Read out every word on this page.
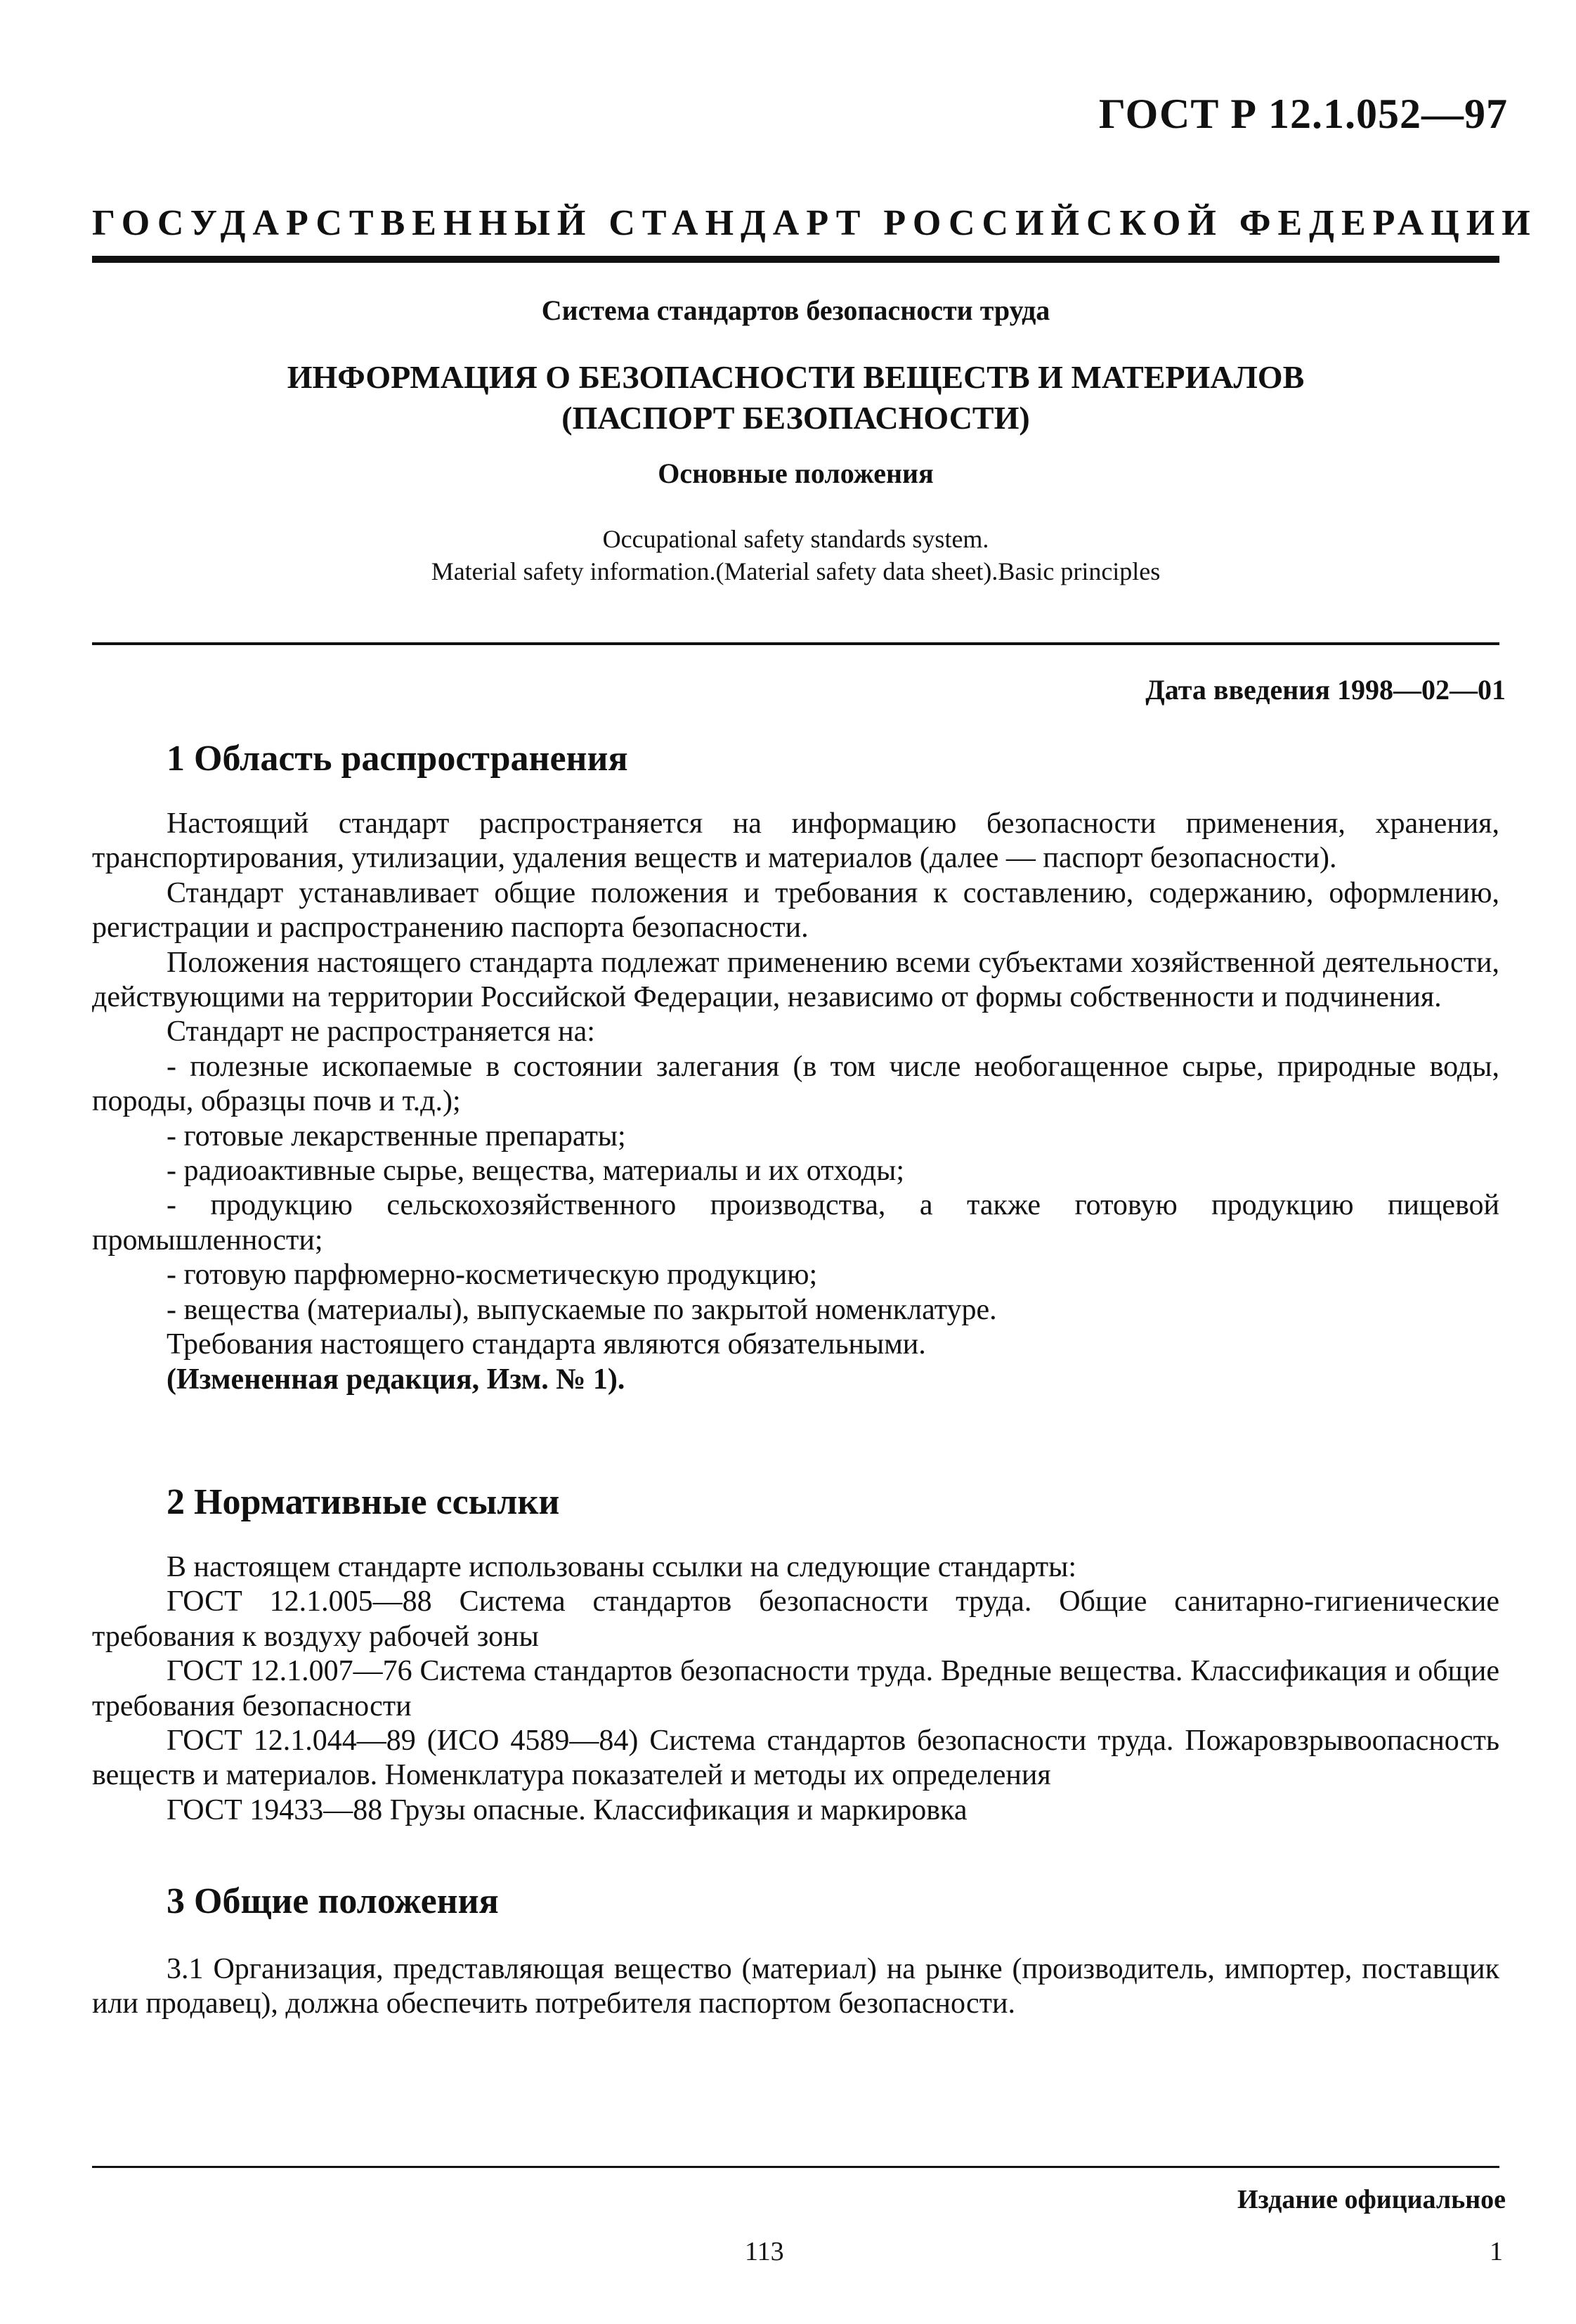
ГОСТ Р 12.1.052—97
ГОСУДАРСТВЕННЫЙ СТАНДАРТ РОССИЙСКОЙ ФЕДЕРАЦИИ
Система стандартов безопасности труда
ИНФОРМАЦИЯ О БЕЗОПАСНОСТИ ВЕЩЕСТВ И МАТЕРИАЛОВ
(ПАСПОРТ БЕЗОПАСНОСТИ)
Основные положения
Occupational safety standards system.
Material safety information.(Material safety data sheet).Basic principles
Дата введения 1998—02—01
1 Область распространения

Настоящий стандарт распространяется на информацию безопасности применения, хранения, транспортирования, утилизации, удаления веществ и материалов (далее — паспорт безопасности).

Стандарт устанавливает общие положения и требования к составлению, содержанию, оформлению, регистрации и распространению паспорта безопасности.

Положения настоящего стандарта подлежат применению всеми субъектами хозяйственной деятельности, действующими на территории Российской Федерации, независимо от формы собственности и подчинения.

Стандарт не распространяется на:

- полезные ископаемые в состоянии залегания (в том числе необогащенное сырье, природные воды, породы, образцы почв и т.д.);

- готовые лекарственные препараты;

- радиоактивные сырье, вещества, материалы и их отходы;

- продукцию сельскохозяйственного производства, а также готовую продукцию пищевой промышленности;

- готовую парфюмерно-косметическую продукцию;

- вещества (материалы), выпускаемые по закрытой номенклатуре.

Требования настоящего стандарта являются обязательными.

(Измененная редакция, Изм. № 1).

2 Нормативные ссылки

В настоящем стандарте использованы ссылки на следующие стандарты:

ГОСТ 12.1.005—88 Система стандартов безопасности труда. Общие санитарно-гигиенические требования к воздуху рабочей зоны

ГОСТ 12.1.007—76 Система стандартов безопасности труда. Вредные вещества. Классификация и общие требования безопасности

ГОСТ 12.1.044—89 (ИСО 4589—84) Система стандартов безопасности труда. Пожаровзрывоопасность веществ и материалов. Номенклатура показателей и методы их определения

ГОСТ 19433—88 Грузы опасные. Классификация и маркировка

3 Общие положения

3.1 Организация, представляющая вещество (материал) на рынке (производитель, импортер, поставщик или продавец), должна обеспечить потребителя паспортом безопасности.

Издание официальное
113	1
